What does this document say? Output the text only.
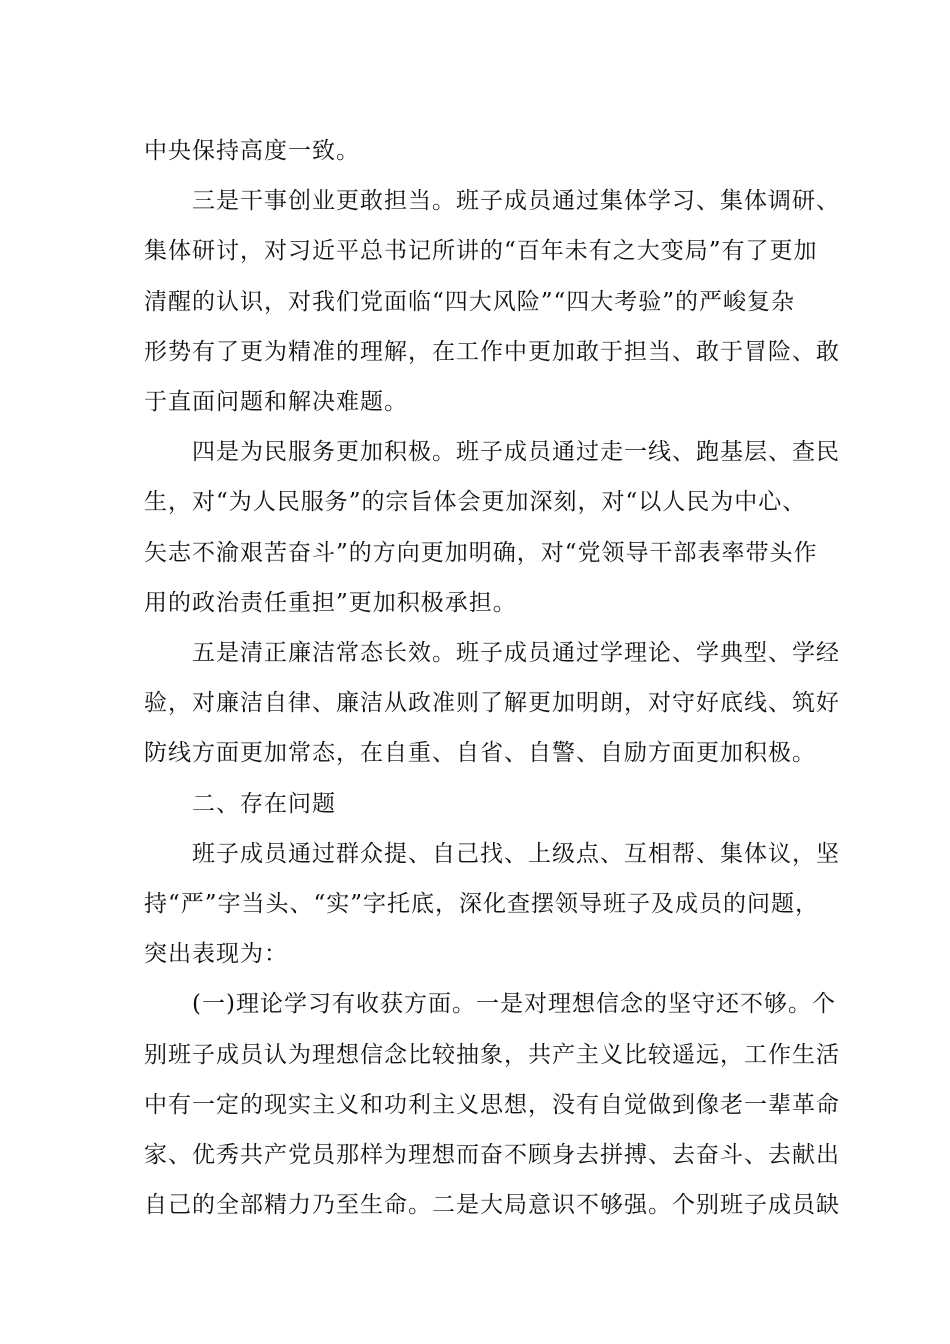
中央保持高度一致。

三是干事创业更敢担当。班子成员通过集体学习、集体调研、
集体研讨，对习近平总书记所讲的“百年未有之大变局”有了更加
清醒的认识，对我们党面临“四大风险”“四大考验”的严峻复杂
形势有了更为精准的理解，在工作中更加敢于担当、敢于冒险、敢
于直面问题和解决难题。

四是为民服务更加积极。班子成员通过走一线、跑基层、查民
生，对“为人民服务”的宗旨体会更加深刻，对“以人民为中心、
矢志不渝艰苦奋斗”的方向更加明确，对“党领导干部表率带头作
用的政治责任重担”更加积极承担。

五是清正廉洁常态长效。班子成员通过学理论、学典型、学经
验，对廉洁自律、廉洁从政准则了解更加明朗，对守好底线、筑好
防线方面更加常态，在自重、自省、自警、自励方面更加积极。

二、存在问题

班子成员通过群众提、自己找、上级点、互相帮、集体议，坚
持“严”字当头、“实”字托底，深化查摆领导班子及成员的问题，
突出表现为：

(一)理论学习有收获方面。一是对理想信念的坚守还不够。个
别班子成员认为理想信念比较抽象，共产主义比较遥远，工作生活
中有一定的现实主义和功利主义思想，没有自觉做到像老一辈革命
家、优秀共产党员那样为理想而奋不顾身去拼搏、去奋斗、去献出
自己的全部精力乃至生命。二是大局意识不够强。个别班子成员缺
